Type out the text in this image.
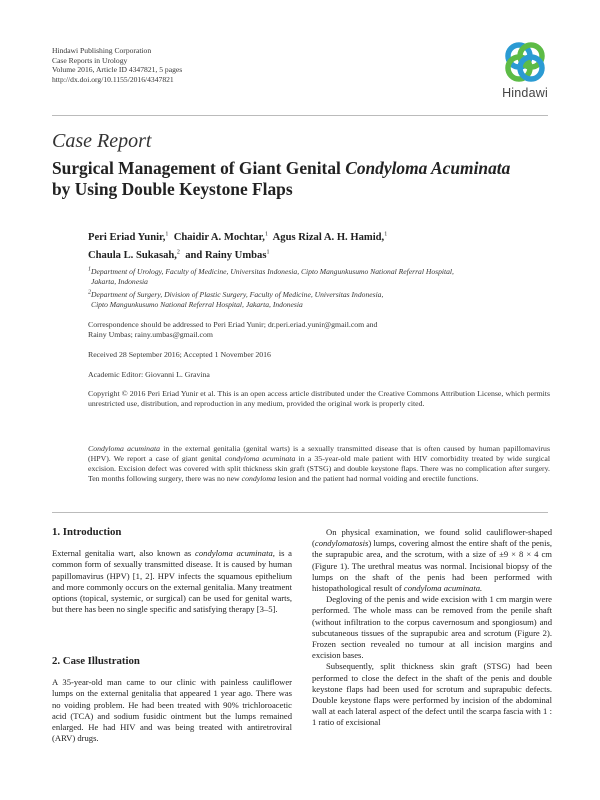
Hindawi Publishing Corporation
Case Reports in Urology
Volume 2016, Article ID 4347821, 5 pages
http://dx.doi.org/10.1155/2016/4347821
Hindawi
Case Report
Surgical Management of Giant Genital Condyloma Acuminata
by Using Double Keystone Flaps
Peri Eriad Yunir,$^1$ Chaidir A. Mochtar,$^1$ Agus Rizal A. H. Hamid,$^1$
Chaula L. Sukasah,$^2$ and Rainy Umbas$^1$
$^1$Department of Urology, Faculty of Medicine, Universitas Indonesia, Cipto Mangunkusumo National Referral Hospital,
Jakarta, Indonesia
$^2$Department of Surgery, Division of Plastic Surgery, Faculty of Medicine, Universitas Indonesia,
Cipto Mangunkusumo National Referral Hospital, Jakarta, Indonesia
Correspondence should be addressed to Peri Eriad Yunir; dr.peri.eriad.yunir@gmail.com and
Rainy Umbas; rainy.umbas@gmail.com
Received 28 September 2016; Accepted 1 November 2016
Academic Editor: Giovanni L. Gravina
Copyright © 2016 Peri Eriad Yunir et al. This is an open access article distributed under the Creative Commons Attribution License, which permits unrestricted use, distribution, and reproduction in any medium, provided the original work is properly cited.
Condyloma acuminata in the external genitalia (genital warts) is a sexually transmitted disease that is often caused by human papillomavirus (HPV). We report a case of giant genital condyloma acuminata in a 35-year-old male patient with HIV comorbidity treated by wide surgical excision. Excision defect was covered with split thickness skin graft (STSG) and double keystone flaps. There was no complication after surgery. Ten months following surgery, there was no new condyloma lesion and the patient had normal voiding and erectile functions.

1. Introduction

External genitalia wart, also known as condyloma acuminata, is a common form of sexually transmitted disease. It is caused by human papillomavirus (HPV) [1, 2]. HPV infects the squamous epithelium and more commonly occurs on the external genitalia. Many treatment options (topical, systemic, or surgical) can be used for genital warts, but there has been no single specific and satisfying therapy [3–5].

2. Case Illustration

A 35-year-old man came to our clinic with painless cauliflower lumps on the external genitalia that appeared 1 year ago. There was no voiding problem. He had been treated with 90% trichloroacetic acid (TCA) and sodium fusidic ointment but the lumps remained enlarged. He had HIV and was being treated with antiretroviral (ARV) drugs.

On physical examination, we found solid cauliflower-shaped (condylomatosis) lumps, covering almost the entire shaft of the penis, the suprapubic area, and the scrotum, with a size of ±9 × 8 × 4 cm (Figure 1). The urethral meatus was normal. Incisional biopsy of the lumps on the shaft of the penis had been performed with histopathological result of condyloma acuminata.

Degloving of the penis and wide excision with 1 cm margin were performed. The whole mass can be removed from the penile shaft (without infiltration to the corpus cavernosum and spongiosum) and subcutaneous tissues of the suprapubic area and scrotum (Figure 2). Frozen section revealed no tumour at all incision margins and excision bases.

Subsequently, split thickness skin graft (STSG) had been performed to close the defect in the shaft of the penis and double keystone flaps had been used for scrotum and suprapubic defects. Double keystone flaps were performed by incision of the abdominal wall at each lateral aspect of the defect until the scarpa fascia with 1 : 1 ratio of excisional
